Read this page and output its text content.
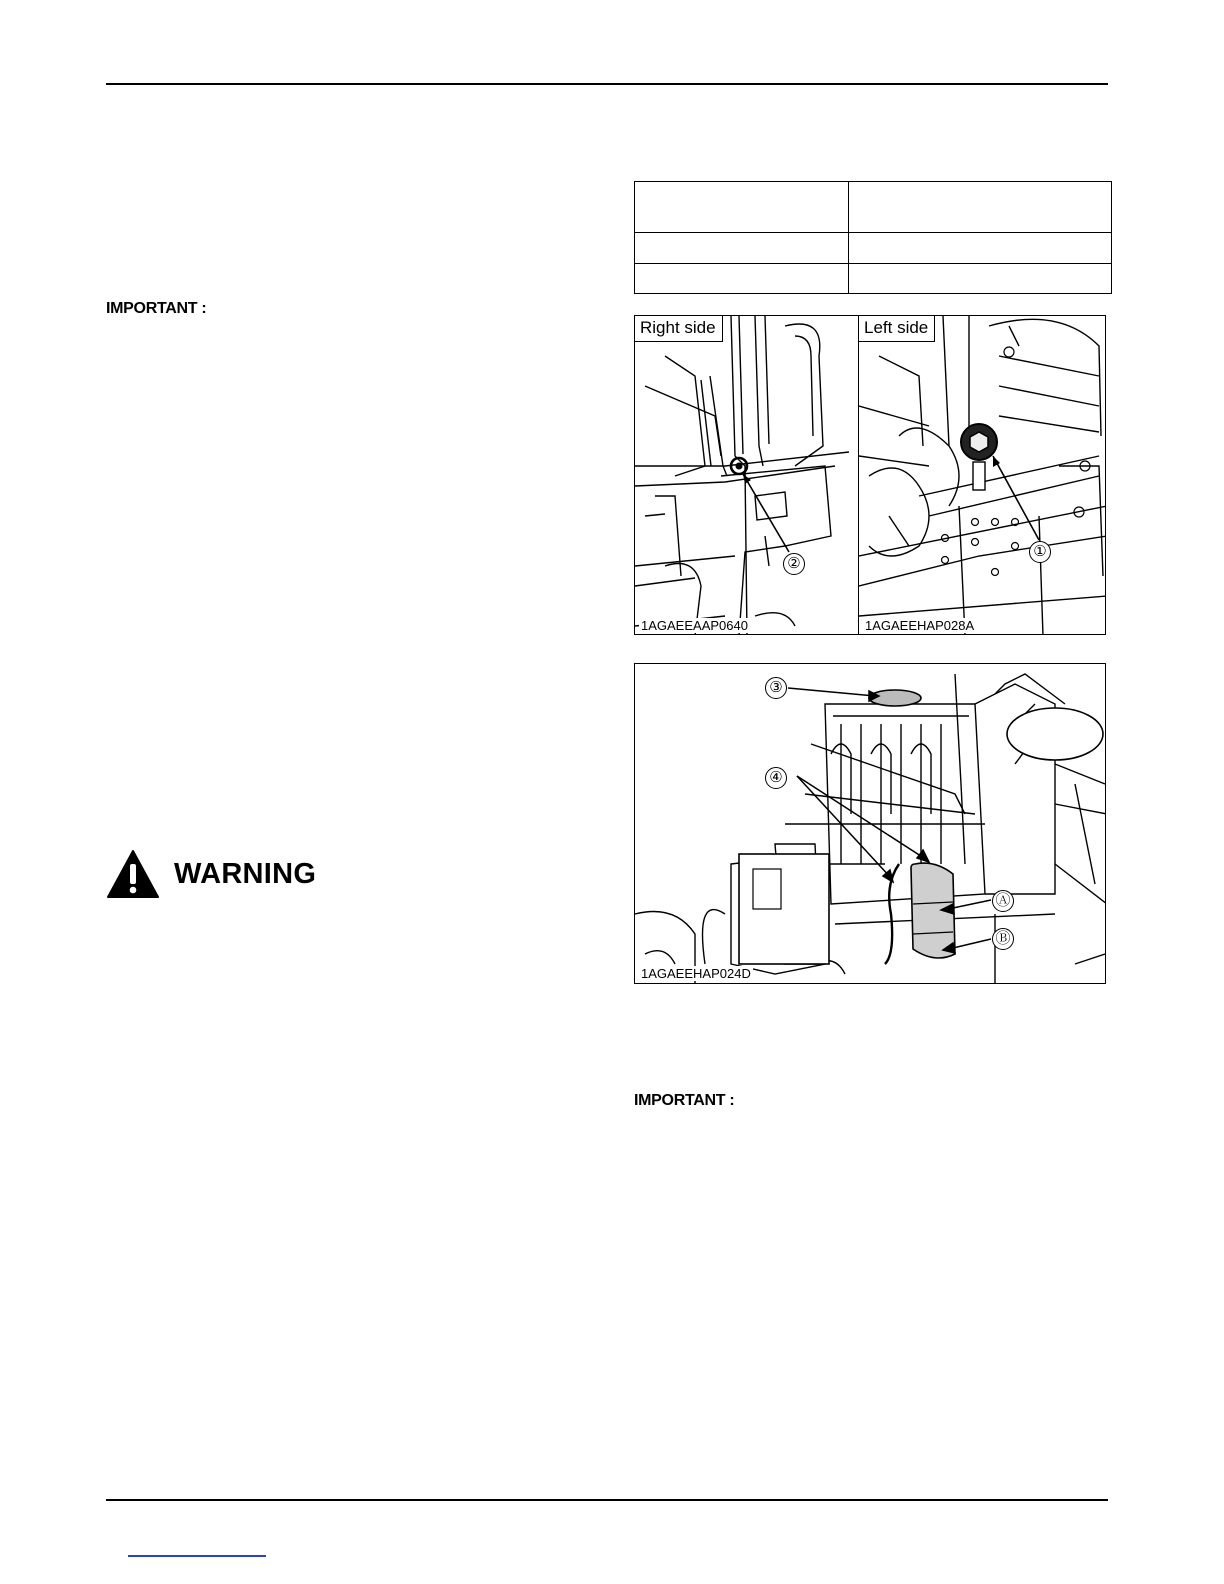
IMPORTANT :
WARNING

Right side
②
1AGAEEAAP0640
Left side
①
1AGAEEHAP028A
③
④
Ⓐ
Ⓑ
1AGAEEHAP024D
IMPORTANT :
